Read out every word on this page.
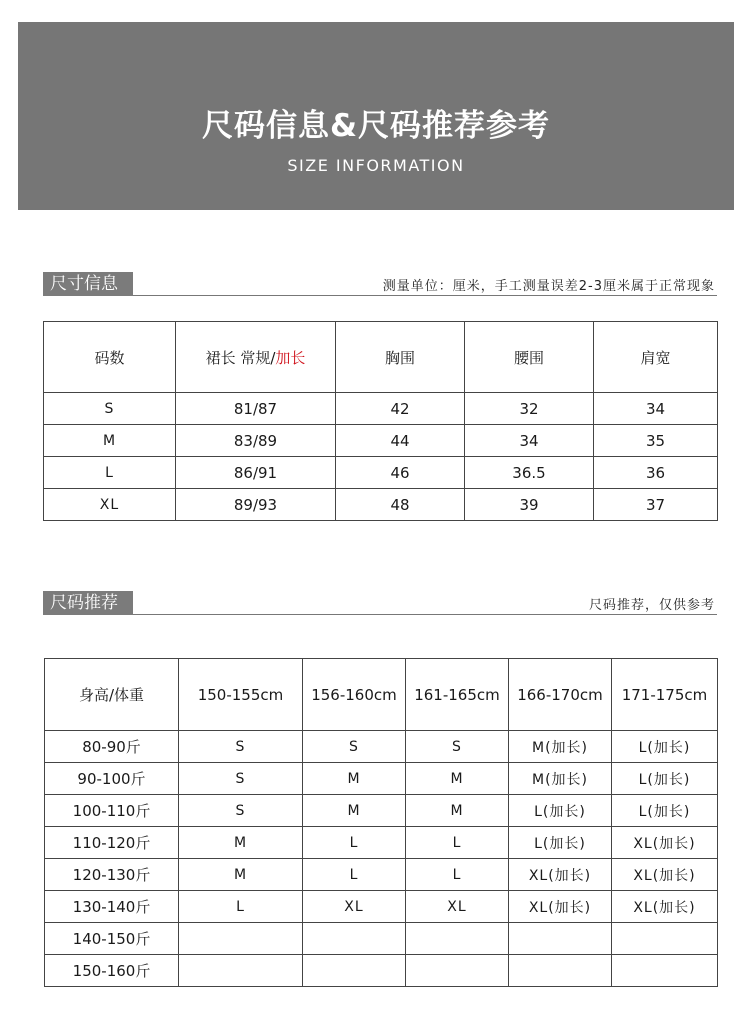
尺码信息&尺码推荐参考
SIZE INFORMATION
尺寸信息	测量单位：厘米，手工测量误差2-3厘米属于正常现象
码数	裙长 常规/加长	胸围	腰围	肩宽
S	81/87	42	32	34
M	83/89	44	34	35
L	86/91	46	36.5	36
XL	89/93	48	39	37
尺码推荐	尺码推荐，仅供参考
身高/体重	150-155cm	156-160cm	161-165cm	166-170cm	171-175cm
80-90斤	S	S	S	M(加长)	L(加长)
90-100斤	S	M	M	M(加长)	L(加长)
100-110斤	S	M	M	L(加长)	L(加长)
110-120斤	M	L	L	L(加长)	XL(加长)
120-130斤	M	L	L	XL(加长)	XL(加长)
130-140斤	L	XL	XL	XL(加长)	XL(加长)
140-150斤					
150-160斤					
